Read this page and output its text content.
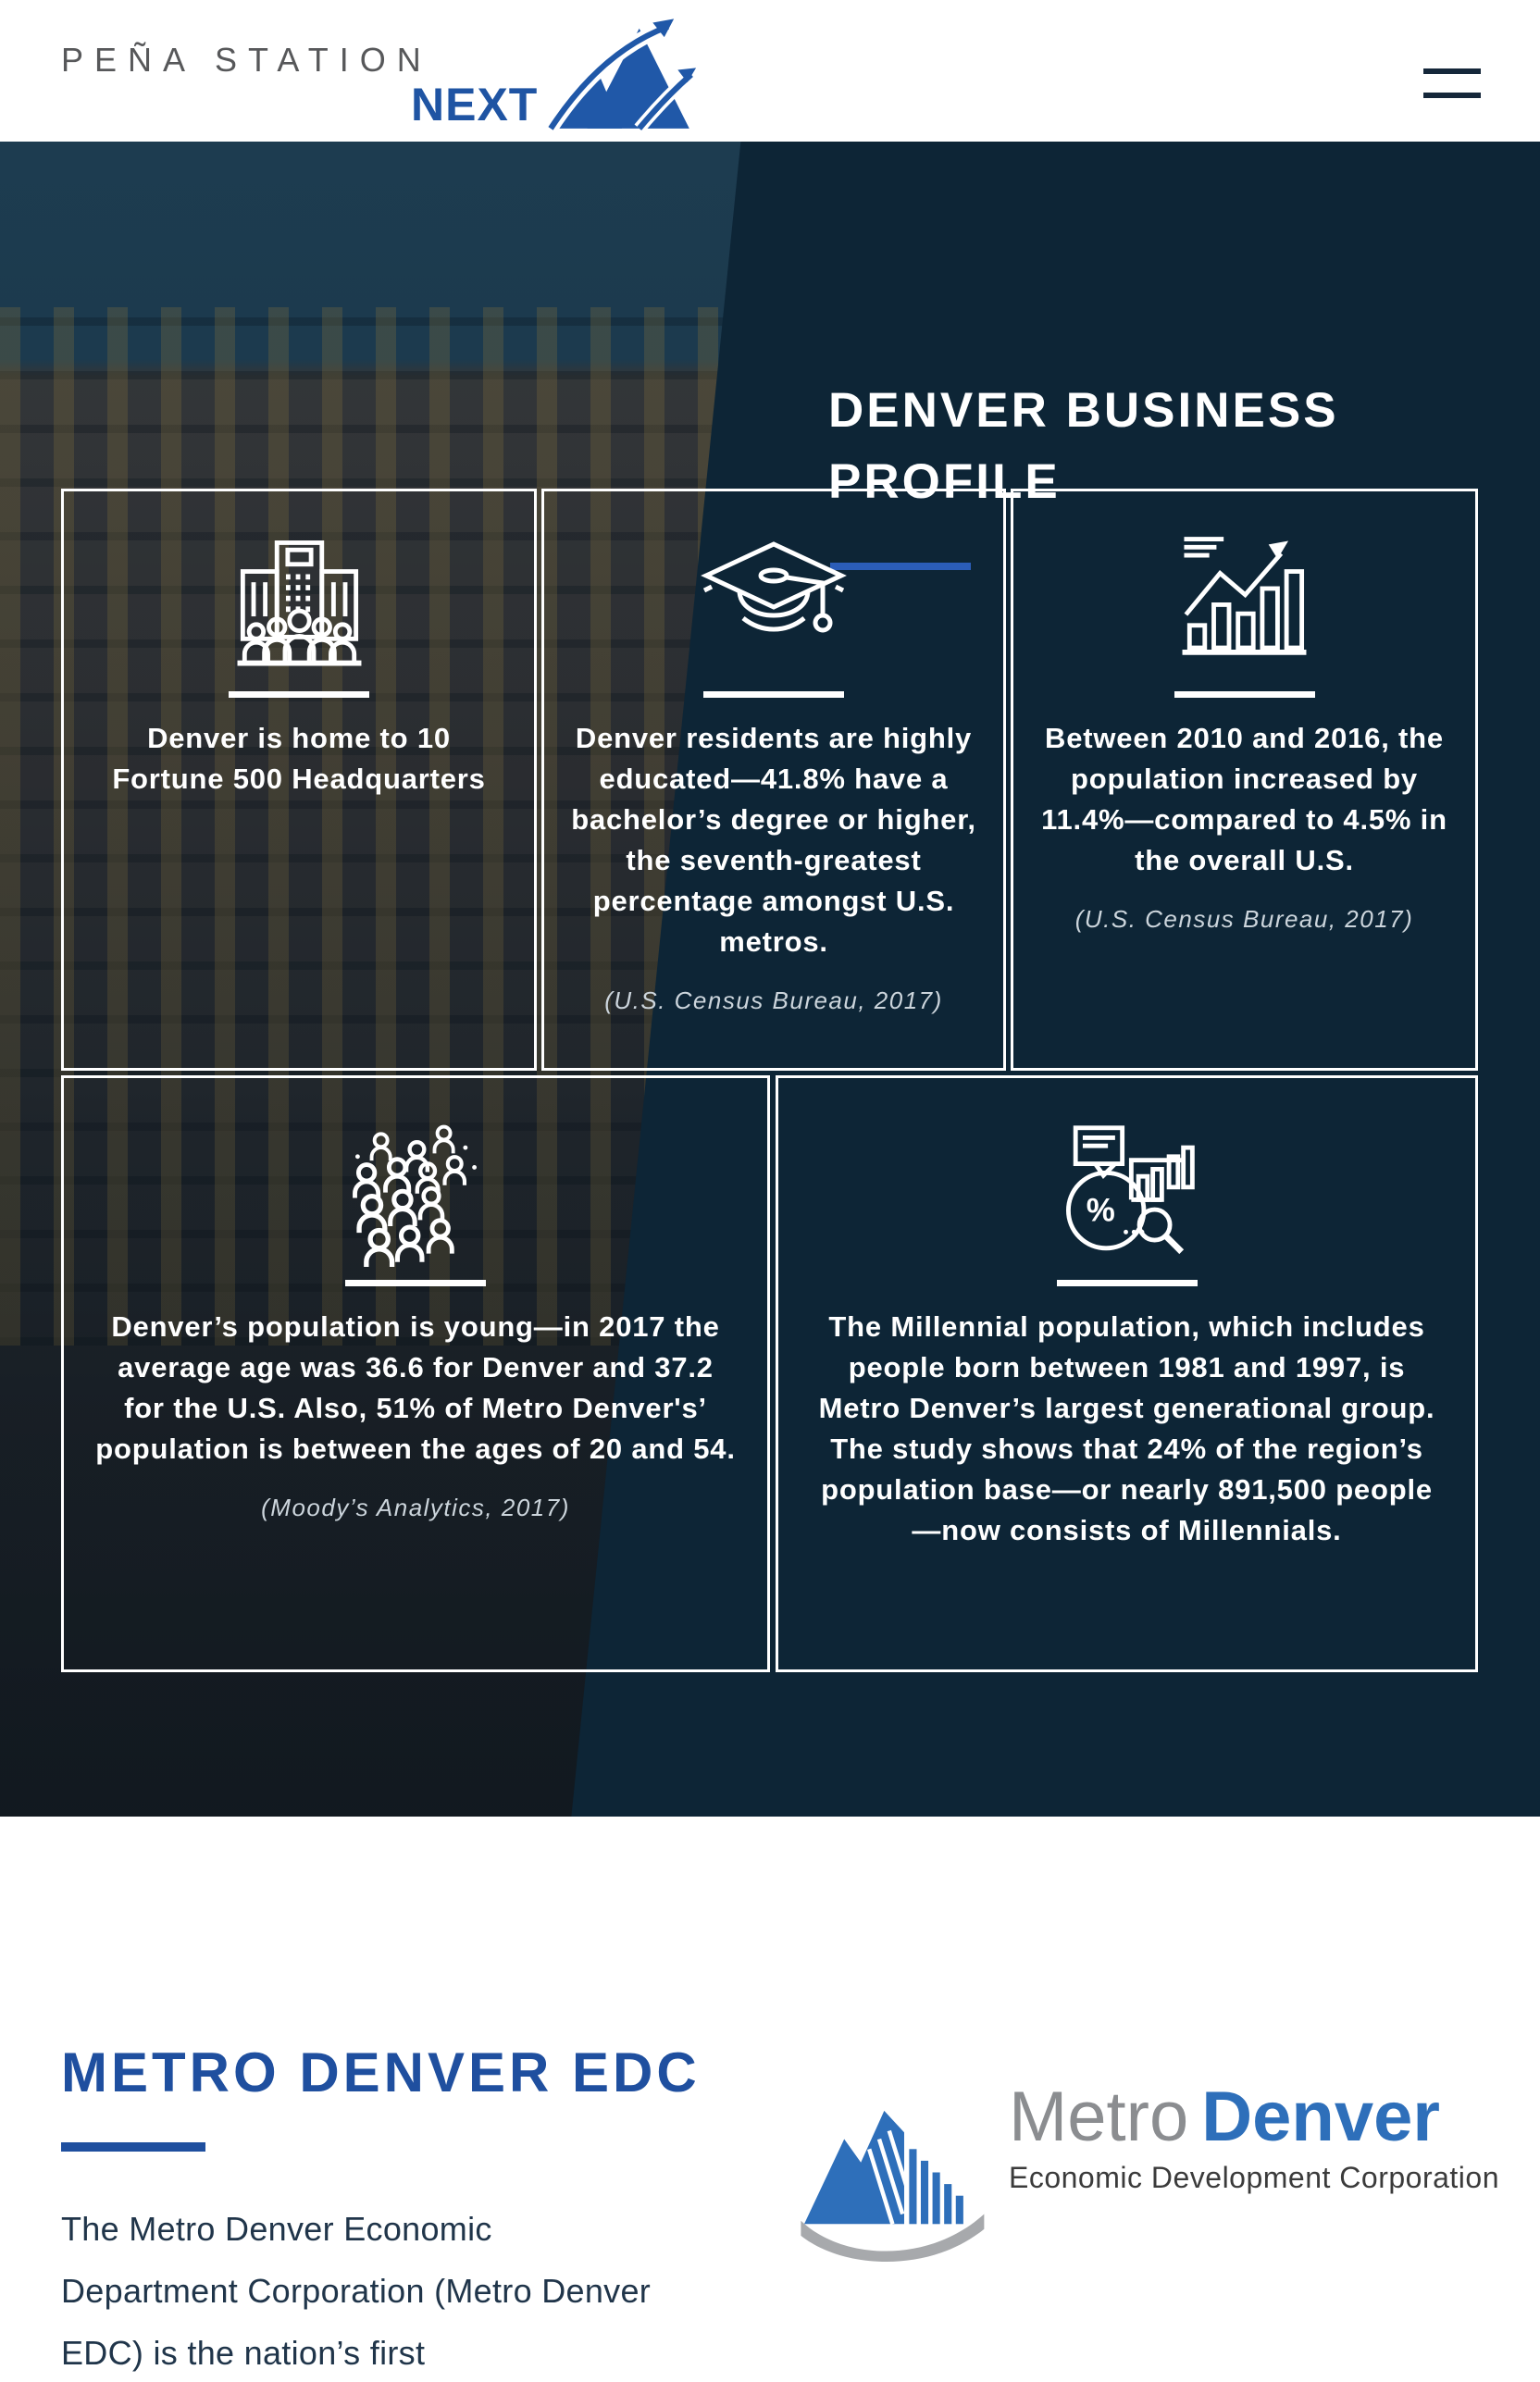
PEÑA STATION
NEXT
DENVER BUSINESS PROFILE
Denver is home to 10 Fortune 500 Headquarters
Denver residents are highly educated—41.8% have a bachelor’s degree or higher, the seventh-greatest percentage amongst U.S. metros.
(U.S. Census Bureau, 2017)
Between 2010 and 2016, the population increased by 11.4%—compared to 4.5% in the overall U.S.
(U.S. Census Bureau, 2017)
Denver’s population is young—in 2017 the average age was 36.6 for Denver and 37.2 for the U.S. Also, 51% of Metro Denver's’ population is between the ages of 20 and 54.
(Moody’s Analytics, 2017)
%
The Millennial population, which includes people born between 1981 and 1997, is Metro Denver’s largest generational group. The study shows that 24% of the region’s population base—or nearly 891,500 people—now consists of Millennials.
METRO DENVER EDC

The Metro Denver Economic Department Corporation (Metro Denver EDC) is the nation’s first

Metro Denver
Economic Development Corporation
